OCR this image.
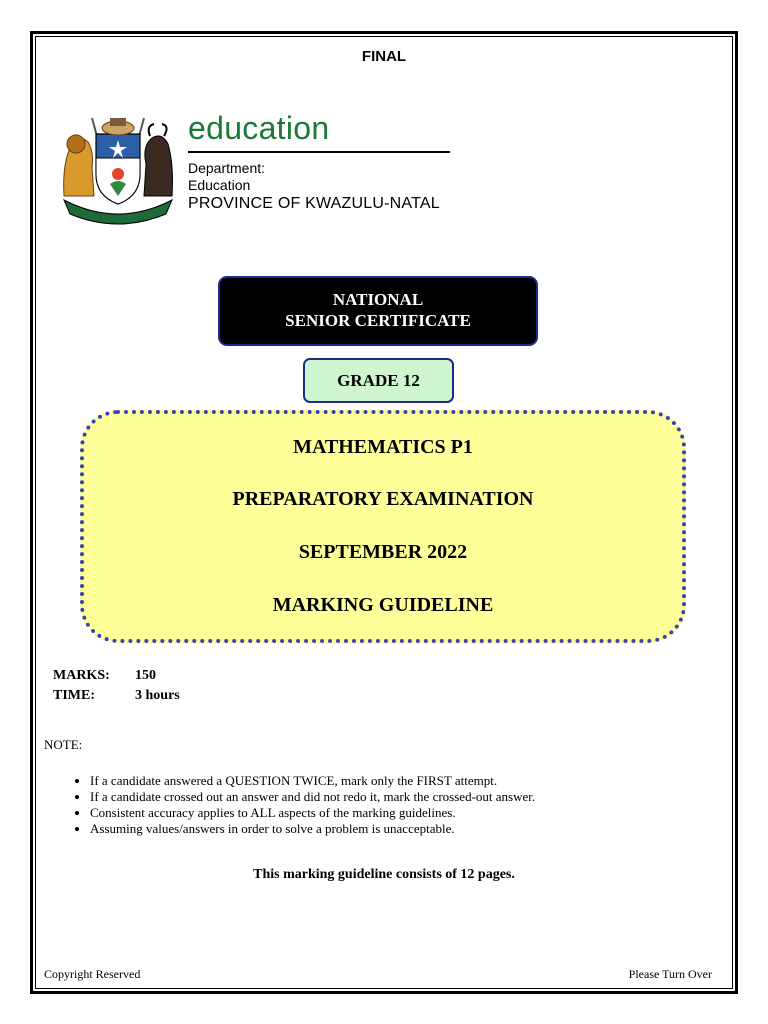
FINAL
education
Department:
Education
PROVINCE OF KWAZULU-NATAL
NATIONAL
SENIOR CERTIFICATE
GRADE 12
MATHEMATICS P1
PREPARATORY EXAMINATION
SEPTEMBER 2022
MARKING GUIDELINE
MARKS: 150
TIME:	3 hours
NOTE:
• If a candidate answered a QUESTION TWICE, mark only the FIRST attempt.
• If a candidate crossed out an answer and did not redo it, mark the crossed-out answer.
• Consistent accuracy applies to ALL aspects of the marking guidelines.
• Assuming values/answers in order to solve a problem is unacceptable.
This marking guideline consists of 12 pages.
Copyright Reserved	Please Turn Over
